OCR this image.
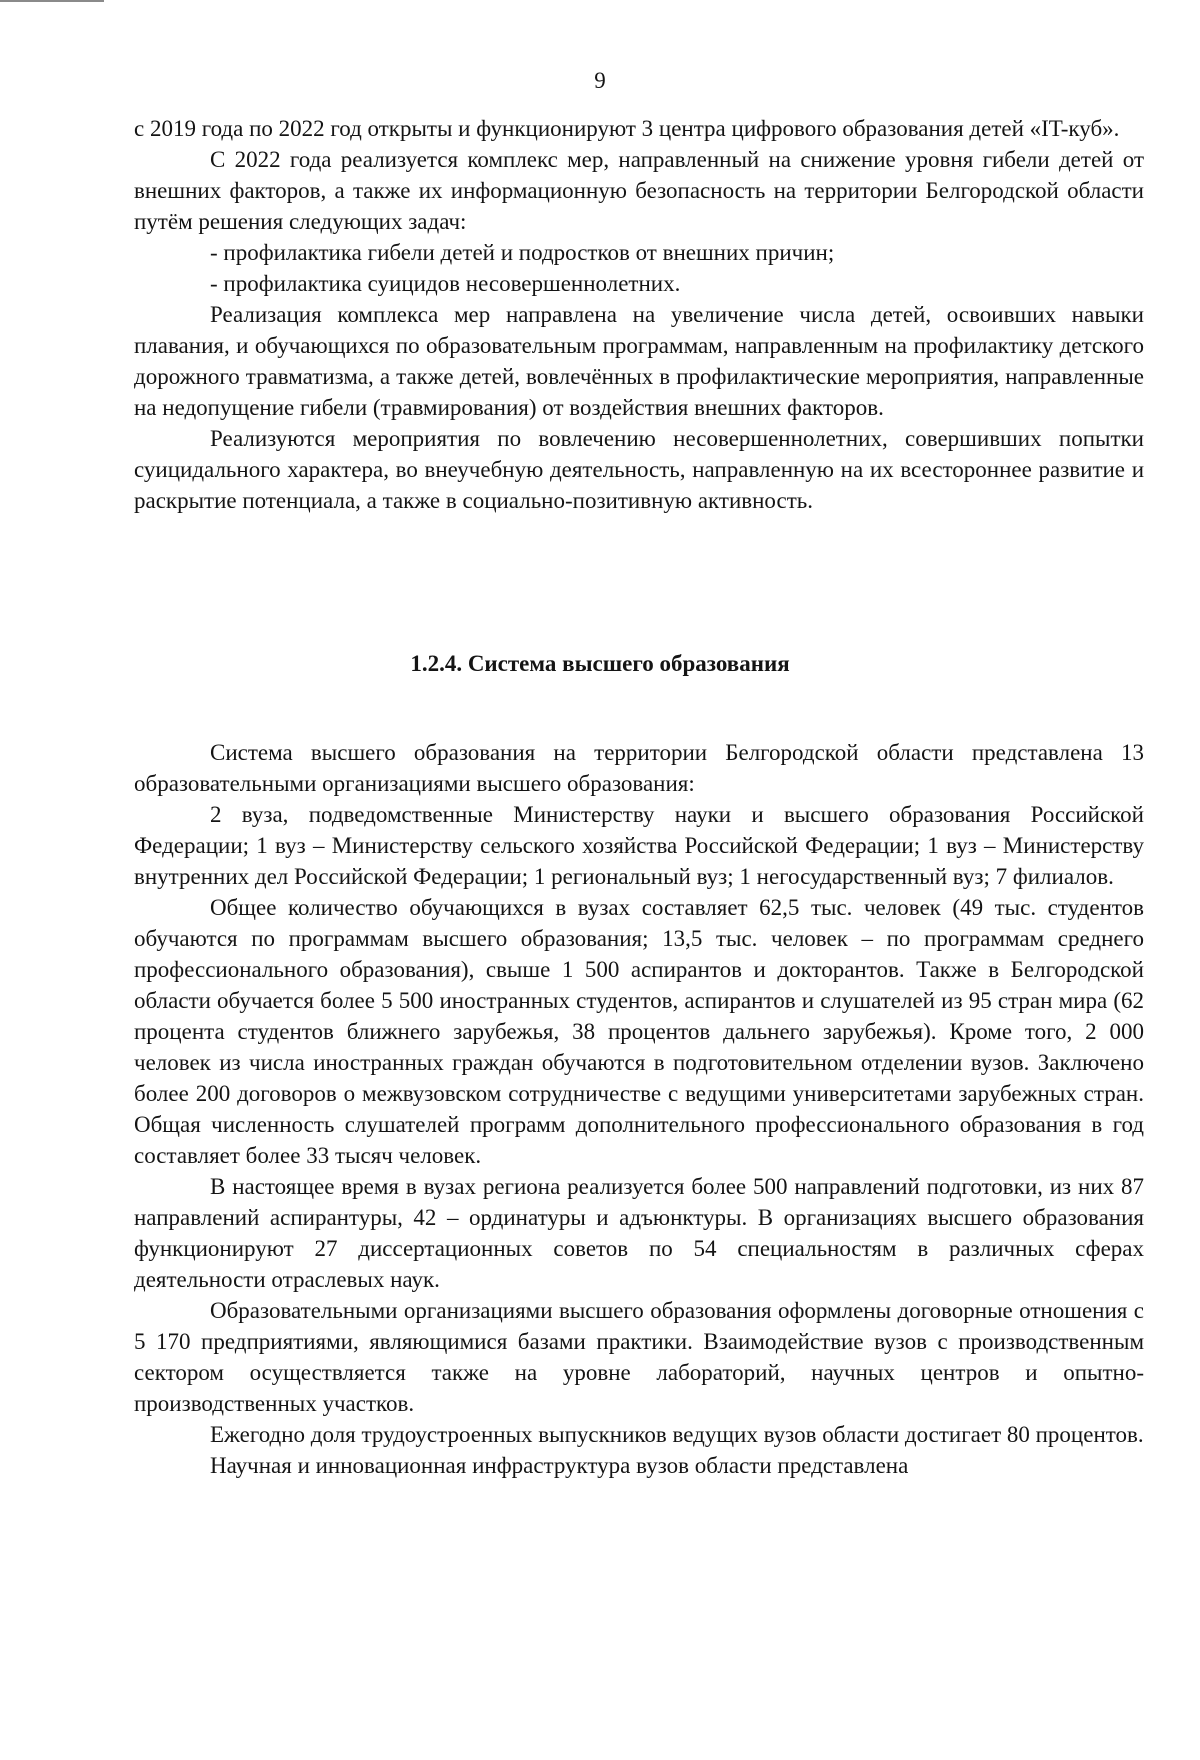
9

с 2019 года по 2022 год открыты и функционируют 3 центра цифрового образования детей «IT-куб».

С 2022 года реализуется комплекс мер, направленный на снижение уровня гибели детей от внешних факторов, а также их информационную безопасность на территории Белгородской области путём решения следующих задач:

- профилактика гибели детей и подростков от внешних причин;

- профилактика суицидов несовершеннолетних.

Реализация комплекса мер направлена на увеличение числа детей, освоивших навыки плавания, и обучающихся по образовательным программам, направленным на профилактику детского дорожного травматизма, а также детей, вовлечённых в профилактические мероприятия, направленные на недопущение гибели (травмирования) от воздействия внешних факторов.

Реализуются мероприятия по вовлечению несовершеннолетних, совершивших попытки суицидального характера, во внеучебную деятельность, направленную на их всестороннее развитие и раскрытие потенциала, а также в социально-позитивную активность.

1.2.4. Система высшего образования

Система высшего образования на территории Белгородской области представлена 13 образовательными организациями высшего образования:

2 вуза, подведомственные Министерству науки и высшего образования Российской Федерации; 1 вуз – Министерству сельского хозяйства Российской Федерации; 1 вуз – Министерству внутренних дел Российской Федерации; 1 региональный вуз; 1 негосударственный вуз; 7 филиалов.

Общее количество обучающихся в вузах составляет 62,5 тыс. человек (49 тыс. студентов обучаются по программам высшего образования; 13,5 тыс. человек – по программам среднего профессионального образования), свыше 1 500 аспирантов и докторантов. Также в Белгородской области обучается более 5 500 иностранных студентов, аспирантов и слушателей из 95 стран мира (62 процента студентов ближнего зарубежья, 38 процентов дальнего зарубежья). Кроме того, 2 000 человек из числа иностранных граждан обучаются в подготовительном отделении вузов. Заключено более 200 договоров о межвузовском сотрудничестве с ведущими университетами зарубежных стран. Общая численность слушателей программ дополнительного профессионального образования в год составляет более 33 тысяч человек.

В настоящее время в вузах региона реализуется более 500 направлений подготовки, из них 87 направлений аспирантуры, 42 – ординатуры и адъюнктуры. В организациях высшего образования функционируют 27 диссертационных советов по 54 специальностям в различных сферах деятельности отраслевых наук.

Образовательными организациями высшего образования оформлены договорные отношения с 5 170 предприятиями, являющимися базами практики. Взаимодействие вузов с производственным сектором осуществляется также на уровне лабораторий, научных центров и опытно-производственных участков.

Ежегодно доля трудоустроенных выпускников ведущих вузов области достигает 80 процентов.

Научная и инновационная инфраструктура вузов области представлена
